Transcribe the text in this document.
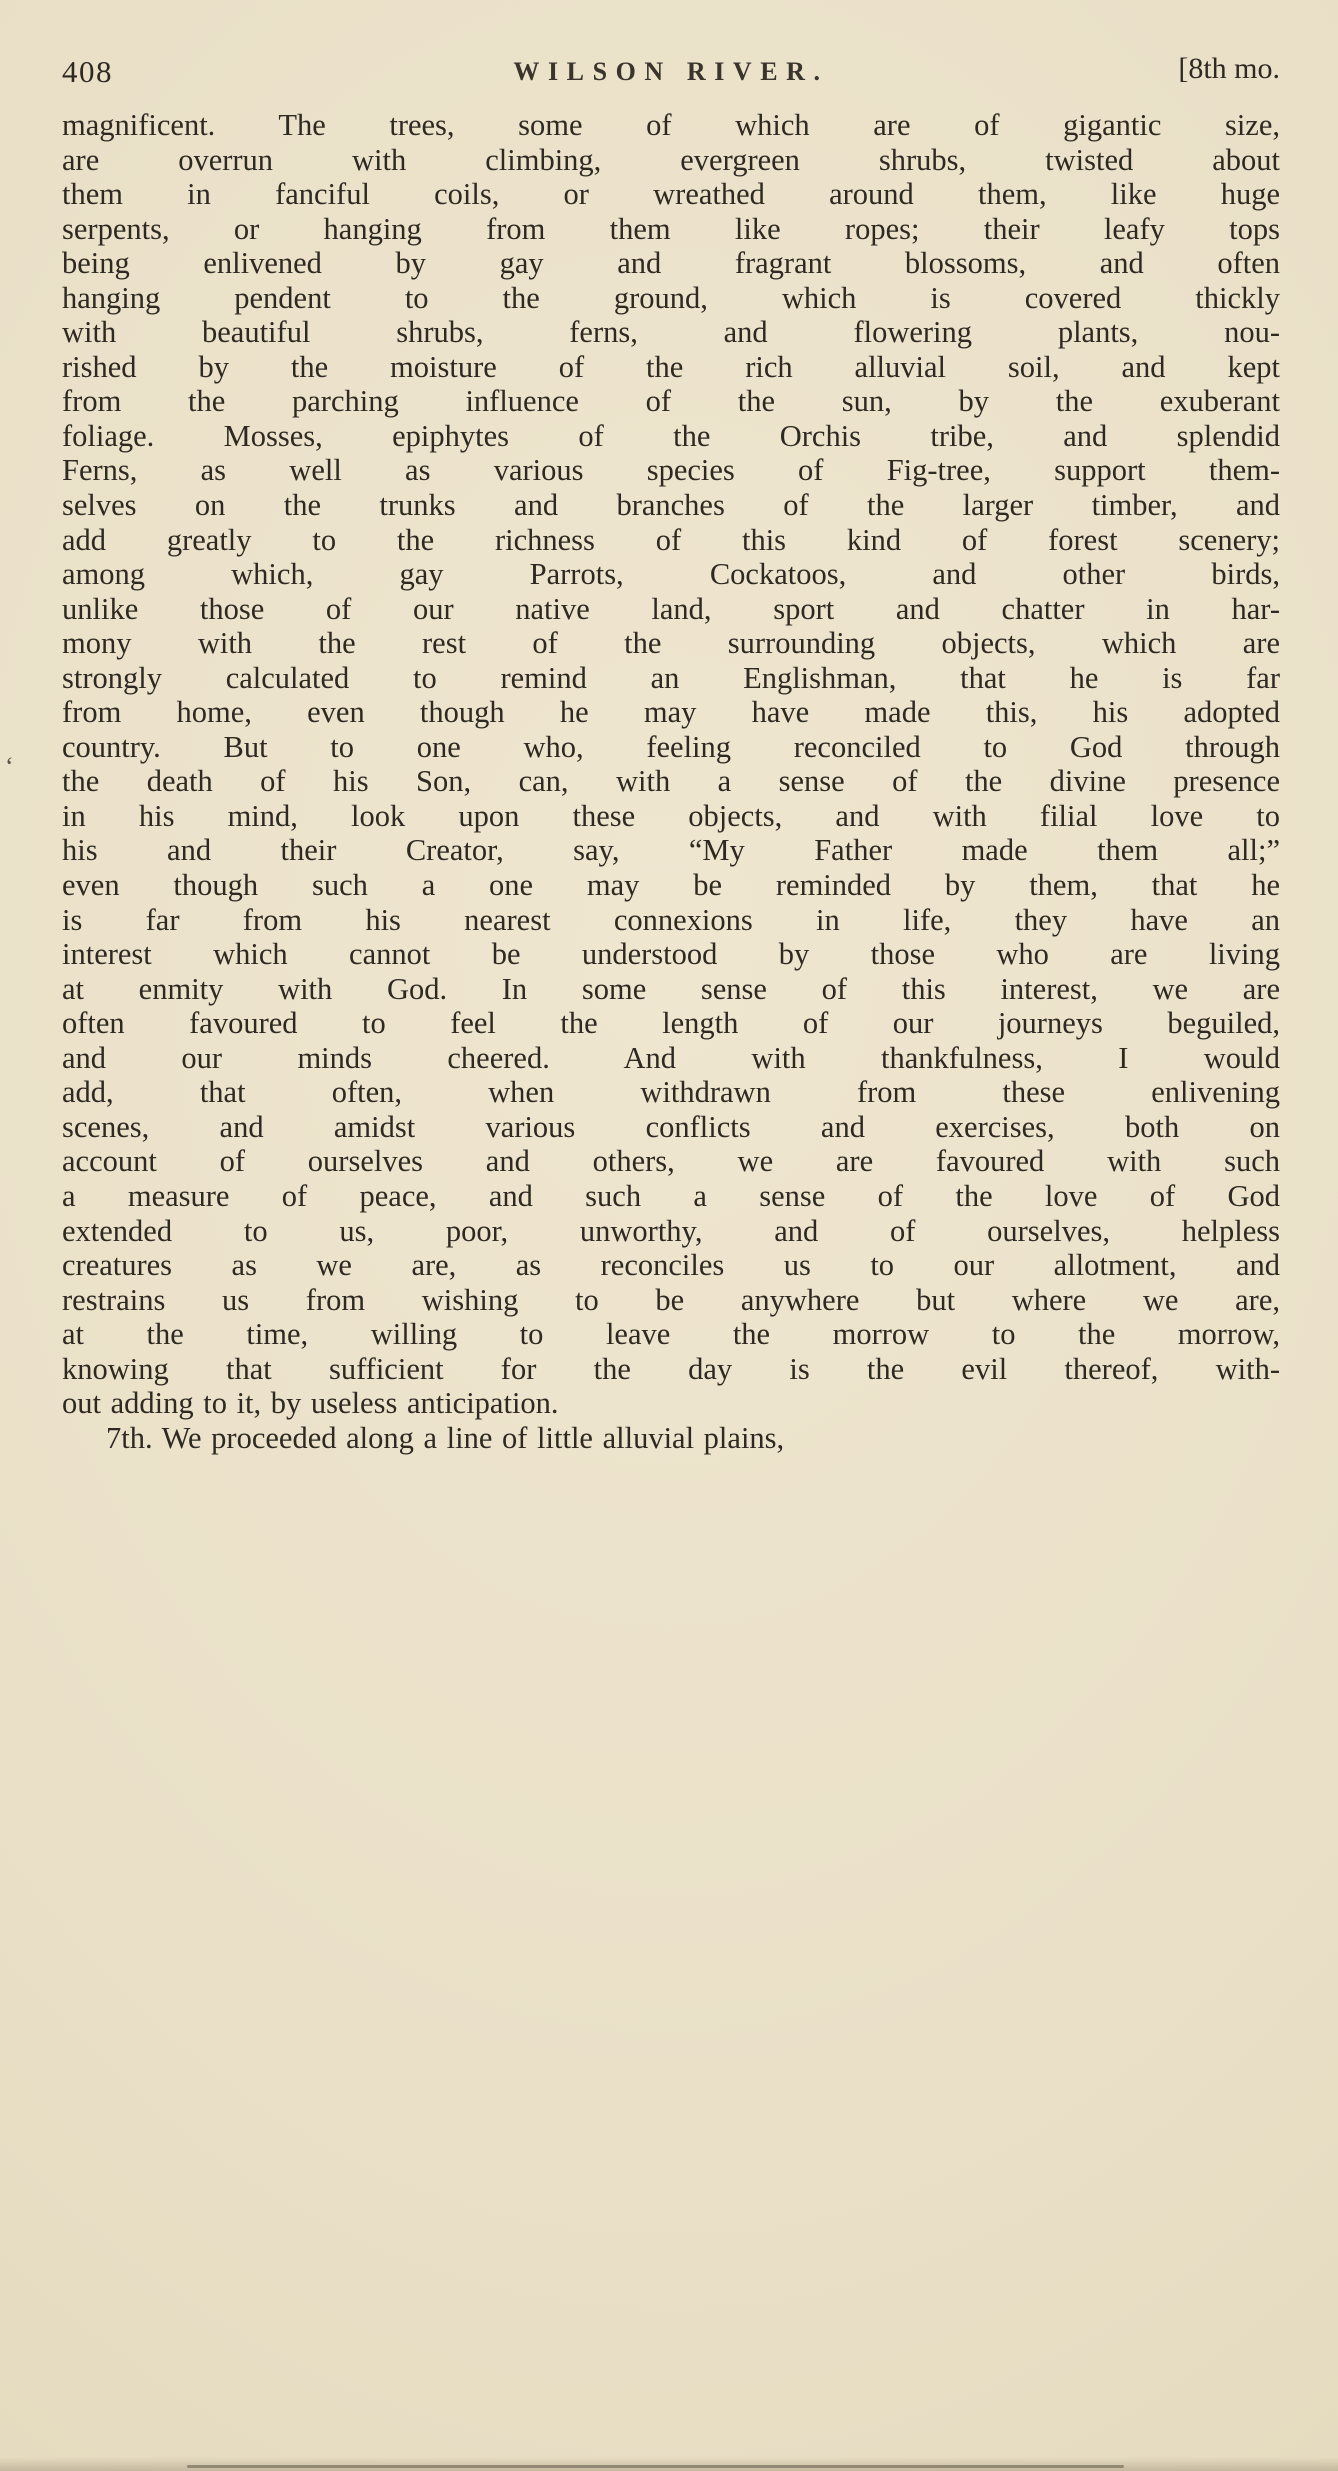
408	WILSON RIVER.	[8th mo.
magnificent. The trees, some of which are of gigantic size,
are overrun with climbing, evergreen shrubs, twisted about
them in fanciful coils, or wreathed around them, like huge
serpents, or hanging from them like ropes; their leafy tops
being enlivened by gay and fragrant blossoms, and often
hanging pendent to the ground, which is covered thickly
with beautiful shrubs, ferns, and flowering plants, nou-
rished by the moisture of the rich alluvial soil, and kept
from the parching influence of the sun, by the exuberant
foliage. Mosses, epiphytes of the Orchis tribe, and splendid
Ferns, as well as various species of Fig-tree, support them-
selves on the trunks and branches of the larger timber, and
add greatly to the richness of this kind of forest scenery;
among which, gay Parrots, Cockatoos, and other birds,
unlike those of our native land, sport and chatter in har-
mony with the rest of the surrounding objects, which are
strongly calculated to remind an Englishman, that he is far
from home, even though he may have made this, his adopted
country. But to one who, feeling reconciled to God through
the death of his Son, can, with a sense of the divine presence
in his mind, look upon these objects, and with filial love to
his and their Creator, say, “My Father made them all;”
even though such a one may be reminded by them, that he
is far from his nearest connexions in life, they have an
interest which cannot be understood by those who are living
at enmity with God. In some sense of this interest, we are
often favoured to feel the length of our journeys beguiled,
and our minds cheered. And with thankfulness, I would
add, that often, when withdrawn from these enlivening
scenes, and amidst various conflicts and exercises, both on
account of ourselves and others, we are favoured with such
a measure of peace, and such a sense of the love of God
extended to us, poor, unworthy, and of ourselves, helpless
creatures as we are, as reconciles us to our allotment, and
restrains us from wishing to be anywhere but where we are,
at the time, willing to leave the morrow to the morrow,
knowing that sufficient for the day is the evil thereof, with-
out adding to it, by useless anticipation.
7th. We proceeded along a line of little alluvial plains,
‘
